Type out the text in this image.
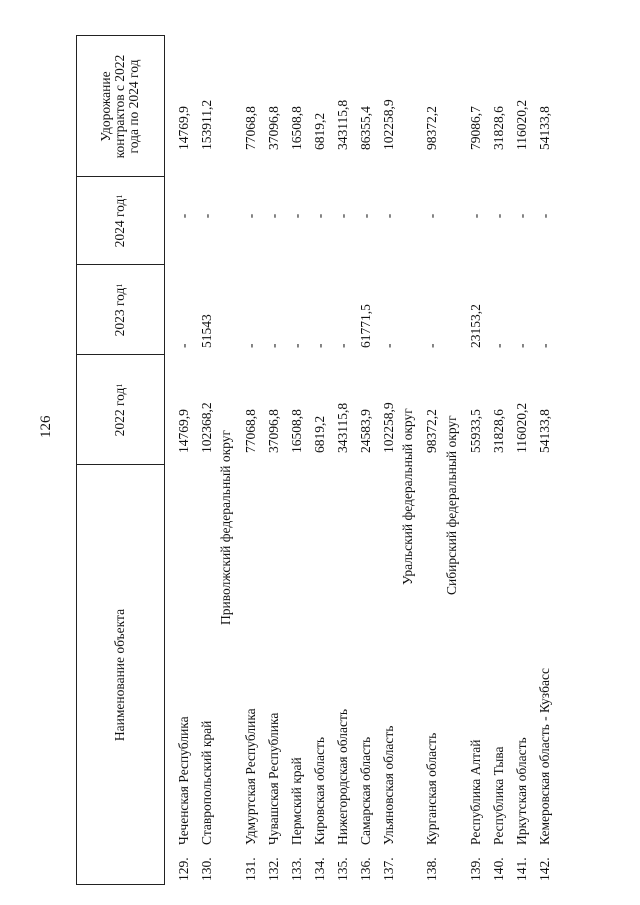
126
Наименование объекта
2022 год
1
2023 год
1
2024 год
1
Удорожание контрактов с 2022 года по 2024 год
129.
Чеченская Республика
14769,9
-
-
14769,9
130.
Ставропольский край
102368,2
51543
-
153911,2
Приволжский федеральный округ
131.
Удмуртская Республика
77068,8
-
-
77068,8
132.
Чувашская Республика
37096,8
-
-
37096,8
133.
Пермский край
16508,8
-
-
16508,8
134.
Кировская область
6819,2
-
-
6819,2
135.
Нижегородская область
343115,8
-
-
343115,8
136.
Самарская область
24583,9
61771,5
-
86355,4
137.
Ульяновская область
102258,9
-
-
102258,9
Уральский федеральный округ
138.
Курганская область
98372,2
-
-
98372,2
Сибирский федеральный округ
139.
Республика Алтай
55933,5
23153,2
-
79086,7
140.
Республика Тыва
31828,6
-
-
31828,6
141.
Иркутская область
116020,2
-
-
116020,2
142.
Кемеровская область - Кузбасс
54133,8
-
-
54133,8
